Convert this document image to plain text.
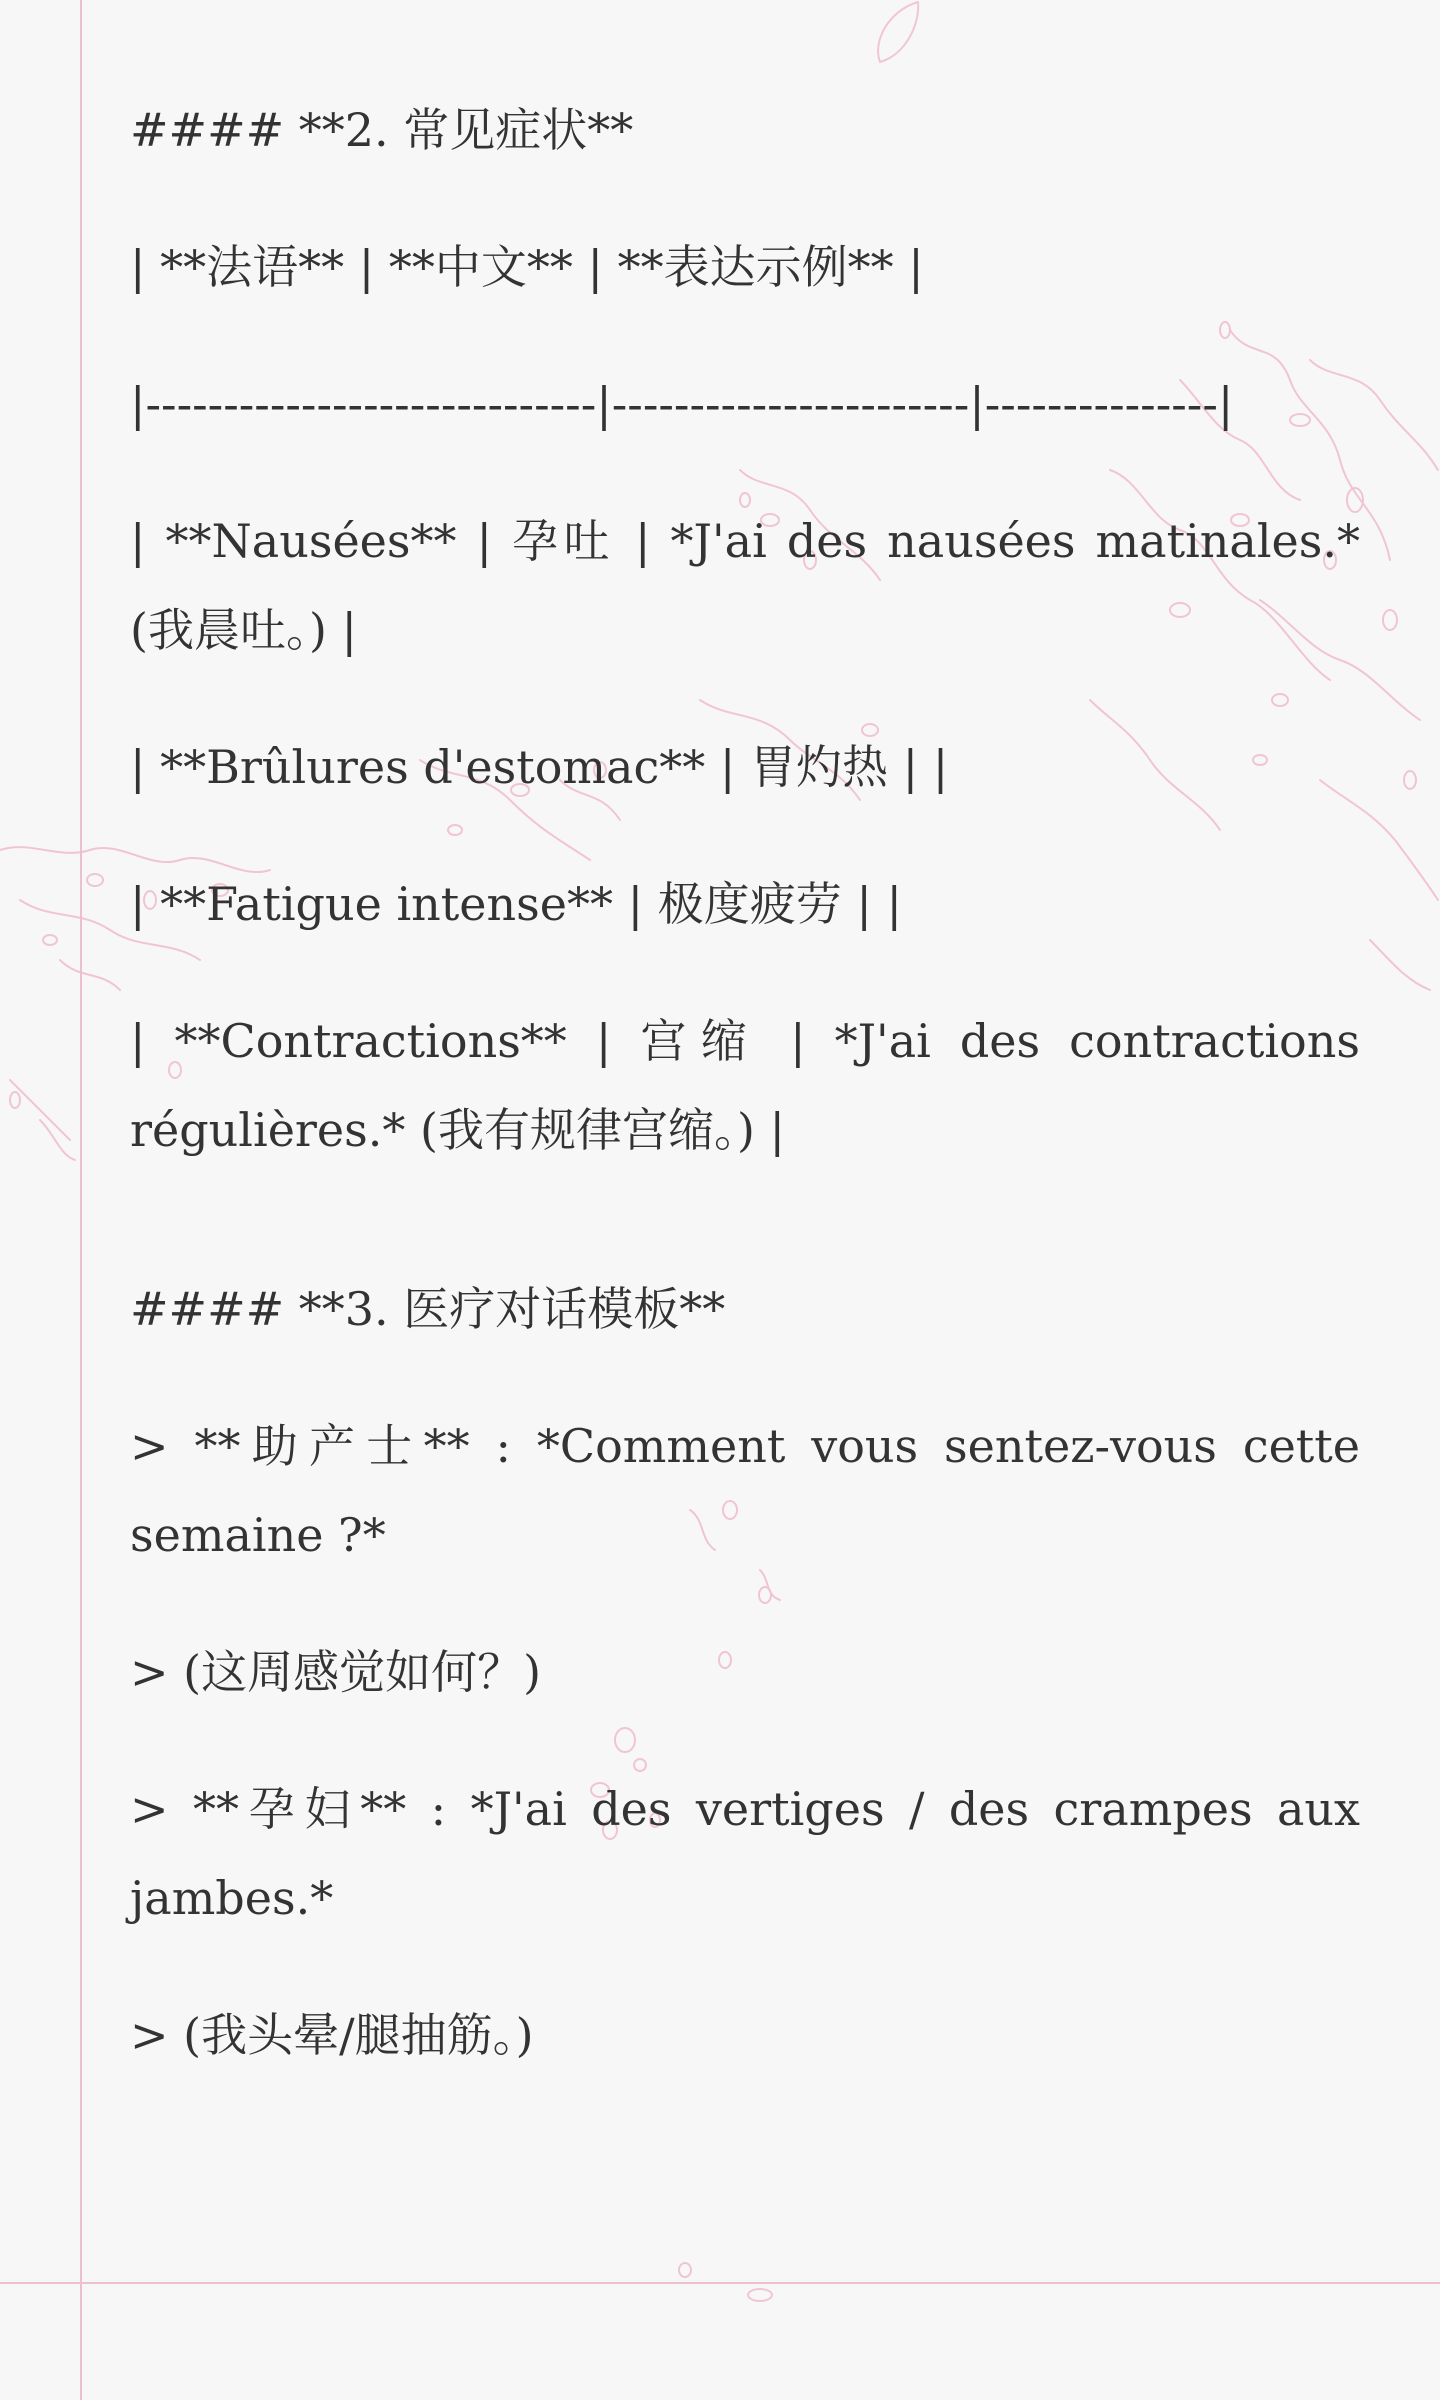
#### **2. 常见症状**

| **法语** | **中文** | **表达示例** |

|-----------------------------|-----------------------|---------------|

| **Nausées** | 孕吐 | *J'ai des nausées matinales.* (我晨吐。) |

| **Brûlures d'estomac** | 胃灼热 | |

| **Fatigue intense** | 极度疲劳 | |

| **Contractions** | 宫缩 | *J'ai des contractions régulières.* (我有规律宫缩。) |

#### **3. 医疗对话模板**

> **助产士** : *Comment vous sentez-vous cette semaine ?*

> (这周感觉如何？)

> **孕妇** : *J'ai des vertiges / des crampes aux jambes.*

> (我头晕/腿抽筋。)
